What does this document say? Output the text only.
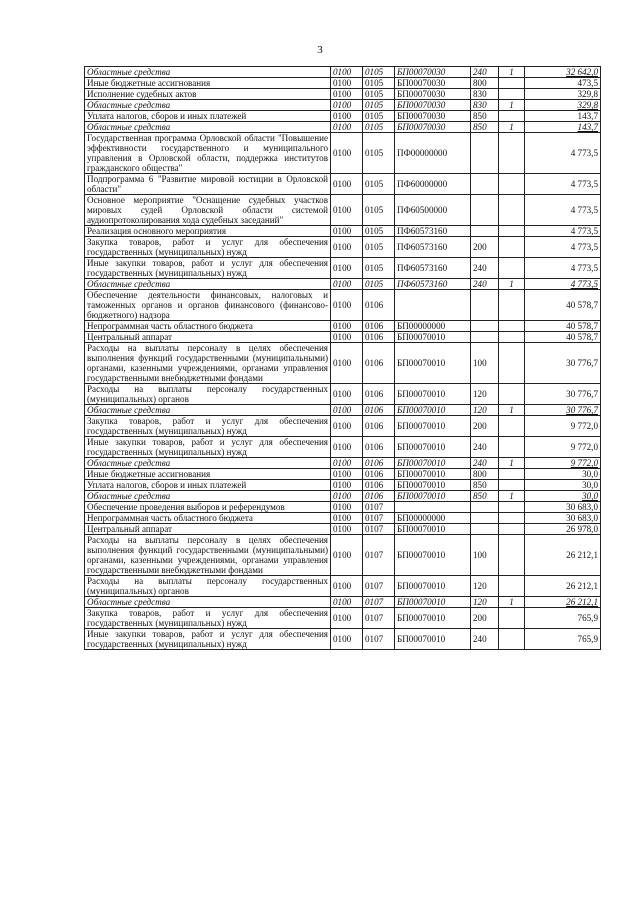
3
Областные средства	0100	0105	БП00070030	240	1	32 642,0
Иные бюджетные ассигнования	0100	0105	БП00070030	800		473,5
Исполнение судебных актов	0100	0105	БП00070030	830		329,8
Областные средства	0100	0105	БП00070030	830	1	329,8
Уплата налогов, сборов и иных платежей	0100	0105	БП00070030	850		143,7
Областные средства	0100	0105	БП00070030	850	1	143,7
Государственная программа Орловской области "Повышение эффективности государственного и муниципального управления в Орловской области, поддержка институтов гражданского общества"	0100	0105	ПФ00000000			4 773,5
Подпрограмма 6 "Развитие мировой юстиции в Орловской области"	0100	0105	ПФ60000000			4 773,5
Основное мероприятие "Оснащение судебных участков мировых судей Орловской области системой аудиопротоколирования хода судебных заседаний"	0100	0105	ПФ60500000			4 773,5
Реализация основного мероприятия	0100	0105	ПФ60573160			4 773,5
Закупка товаров, работ и услуг для обеспечения государственных (муниципальных) нужд	0100	0105	ПФ60573160	200		4 773,5
Иные закупки товаров, работ и услуг для обеспечения государственных (муниципальных) нужд	0100	0105	ПФ60573160	240		4 773,5
Областные средства	0100	0105	ПФ60573160	240	1	4 773,5
Обеспечение деятельности финансовых, налоговых и таможенных органов и органов финансового (финансово-бюджетного) надзора	0100	0106				40 578,7
Непрограммная часть областного бюджета	0100	0106	БП00000000			40 578,7
Центральный аппарат	0100	0106	БП00070010			40 578,7
Расходы на выплаты персоналу в целях обеспечения выполнения функций государственными (муниципальными) органами, казенными учреждениями, органами управления государственными внебюджетными фондами	0100	0106	БП00070010	100		30 776,7
Расходы на выплаты персоналу государственных (муниципальных) органов	0100	0106	БП00070010	120		30 776,7
Областные средства	0100	0106	БП00070010	120	1	30 776,7
Закупка товаров, работ и услуг для обеспечения государственных (муниципальных) нужд	0100	0106	БП00070010	200		9 772,0
Иные закупки товаров, работ и услуг для обеспечения государственных (муниципальных) нужд	0100	0106	БП00070010	240		9 772,0
Областные средства	0100	0106	БП00070010	240	1	9 772,0
Иные бюджетные ассигнования	0100	0106	БП00070010	800		30,0
Уплата налогов, сборов и иных платежей	0100	0106	БП00070010	850		30,0
Областные средства	0100	0106	БП00070010	850	1	30,0
Обеспечение проведения выборов и референдумов	0100	0107				30 683,0
Непрограммная часть областного бюджета	0100	0107	БП00000000			30 683,0
Центральный аппарат	0100	0107	БП00070010			26 978,0
Расходы на выплаты персоналу в целях обеспечения выполнения функций государственными (муниципальными) органами, казенными учреждениями, органами управления государственными внебюджетными фондами	0100	0107	БП00070010	100		26 212,1
Расходы на выплаты персоналу государственных (муниципальных) органов	0100	0107	БП00070010	120		26 212,1
Областные средства	0100	0107	БП00070010	120	1	26 212,1
Закупка товаров, работ и услуг для обеспечения государственных (муниципальных) нужд	0100	0107	БП00070010	200		765,9
Иные закупки товаров, работ и услуг для обеспечения государственных (муниципальных) нужд	0100	0107	БП00070010	240		765,9
